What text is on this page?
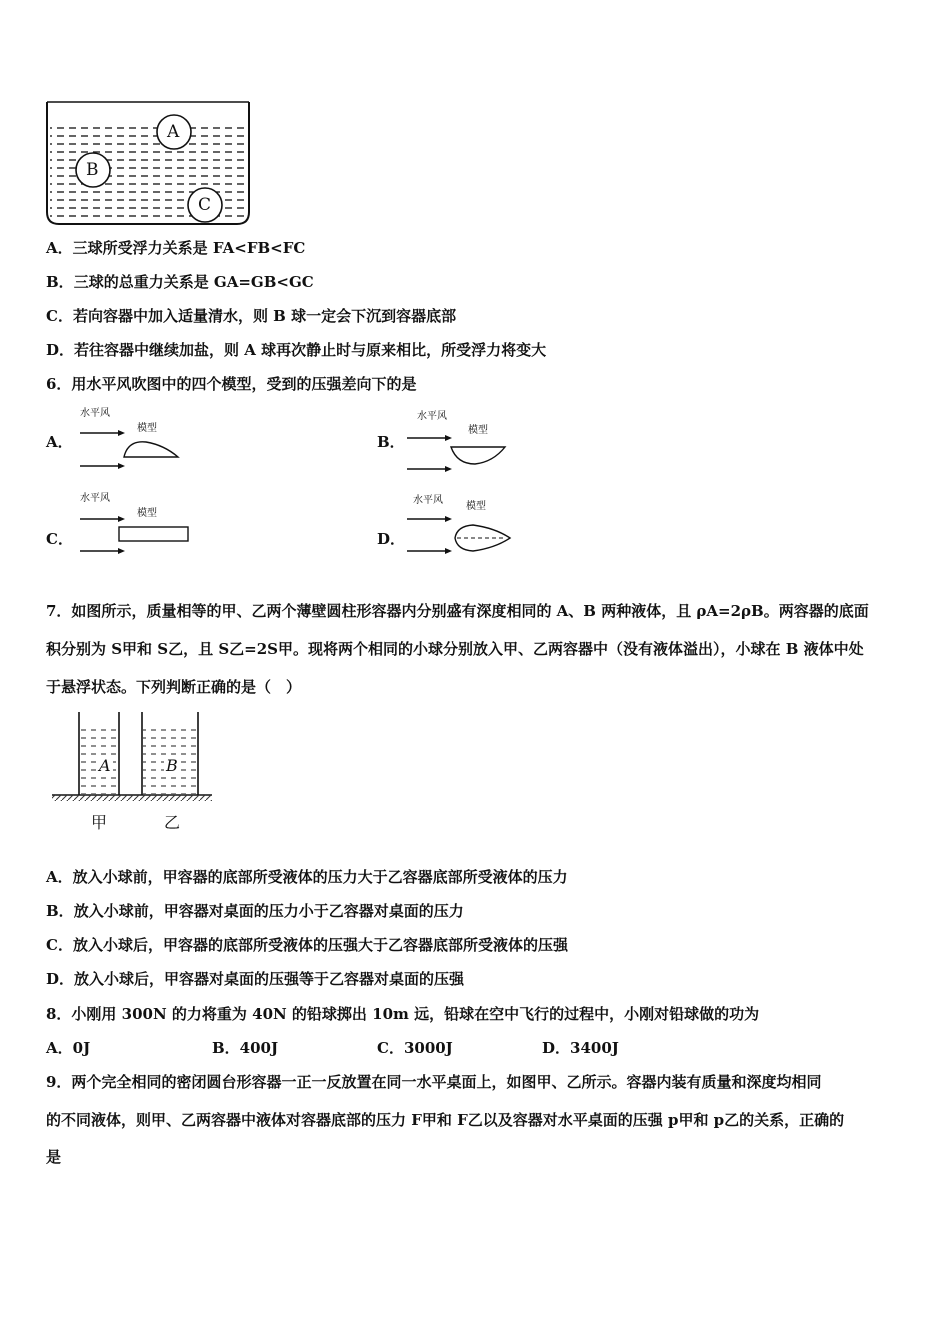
A
B
C
A．三球所受浮力关系是 FA<FB<FC
B．三球的总重力关系是 GA=GB<GC
C．若向容器中加入适量清水，则 B 球一定会下沉到容器底部
D．若往容器中继续加盐，则 A 球再次静止时与原来相比，所受浮力将变大
6．用水平风吹图中的四个模型，受到的压强差向下的是
A．
水平风
模型
B．
水平风
模型
C．
水平风
模型
D．
水平风
模型
7．如图所示，质量相等的甲、乙两个薄壁圆柱形容器内分别盛有深度相同的 A、B 两种液体，且 ρA=2ρB。两容器的底面
积分别为 S甲和 S乙，且 S乙=2S甲。现将两个相同的小球分别放入甲、乙两容器中（没有液体溢出），小球在 B 液体中处
于悬浮状态。下列判断正确的是（　）
A	B
甲	乙
A．放入小球前，甲容器的底部所受液体的压力大于乙容器底部所受液体的压力
B．放入小球前，甲容器对桌面的压力小于乙容器对桌面的压力
C．放入小球后，甲容器的底部所受液体的压强大于乙容器底部所受液体的压强
D．放入小球后，甲容器对桌面的压强等于乙容器对桌面的压强
8．小刚用 300N 的力将重为 40N 的铅球掷出 10m 远，铅球在空中飞行的过程中，小刚对铅球做的功为
A．0J	B．400J	C．3000J	D．3400J
9．两个完全相同的密闭圆台形容器一正一反放置在同一水平桌面上，如图甲、乙所示。容器内装有质量和深度均相同
的不同液体，则甲、乙两容器中液体对容器底部的压力 F甲和 F乙以及容器对水平桌面的压强 p甲和 p乙的关系，正确的
是
